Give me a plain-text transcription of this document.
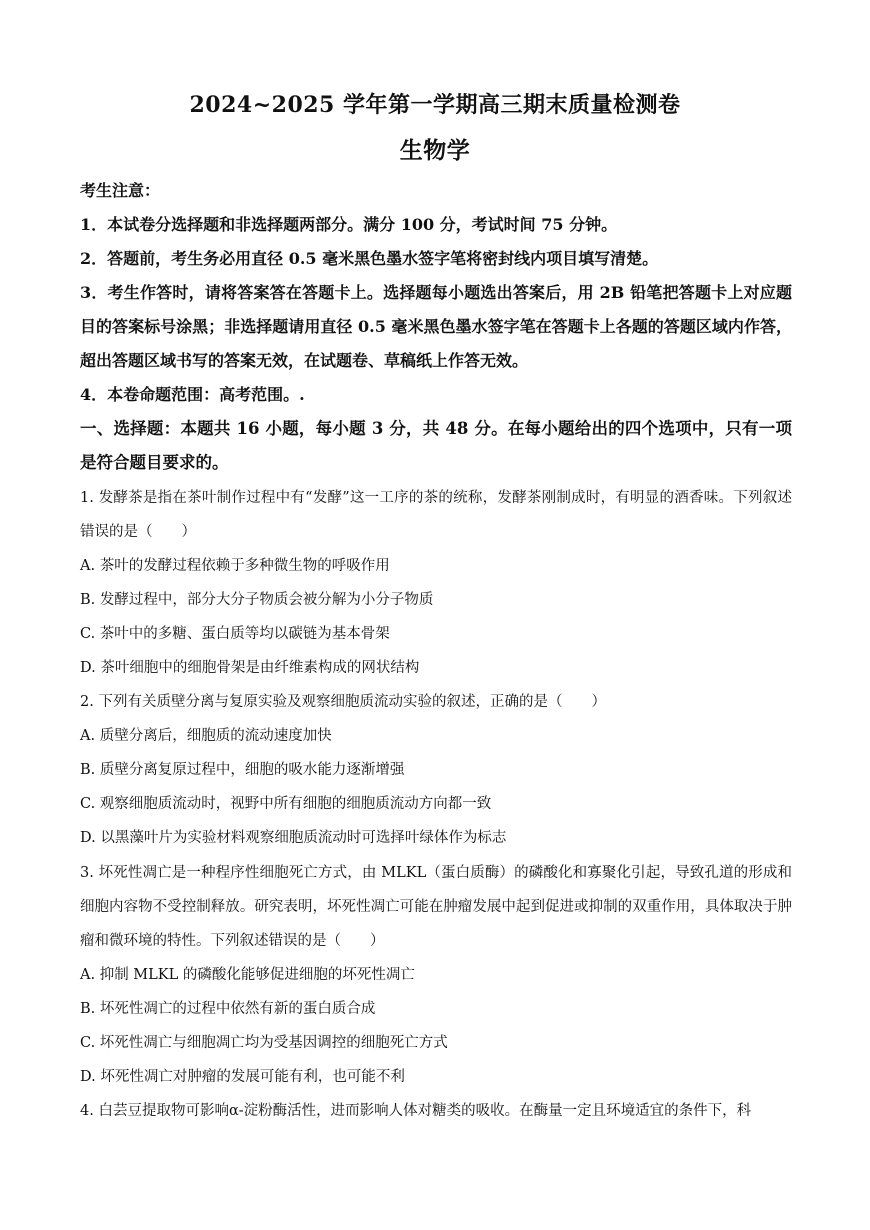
2024~2025 学年第一学期高三期末质量检测卷
生物学

考生注意：

1．本试卷分选择题和非选择题两部分。满分 100 分，考试时间 75 分钟。

2．答题前，考生务必用直径 0.5 毫米黑色墨水签字笔将密封线内项目填写清楚。

3．考生作答时，请将答案答在答题卡上。选择题每小题选出答案后，用 2B 铅笔把答题卡上对应题目的答案标号涂黑；非选择题请用直径 0.5 毫米黑色墨水签字笔在答题卡上各题的答题区域内作答，超出答题区域书写的答案无效，在试题卷、草稿纸上作答无效。

4．本卷命题范围：高考范围。.

一、选择题：本题共 16 小题，每小题 3 分，共 48 分。在每小题给出的四个选项中，只有一项是符合题目要求的。

1. 发酵茶是指在茶叶制作过程中有“发酵”这一工序的茶的统称，发酵茶刚制成时，有明显的酒香味。下列叙述错误的是（　　）

A. 茶叶的发酵过程依赖于多种微生物的呼吸作用
B. 发酵过程中，部分大分子物质会被分解为小分子物质
C. 茶叶中的多糖、蛋白质等均以碳链为基本骨架
D. 茶叶细胞中的细胞骨架是由纤维素构成的网状结构

2. 下列有关质壁分离与复原实验及观察细胞质流动实验的叙述，正确的是（　　）

A. 质壁分离后，细胞质的流动速度加快
B. 质壁分离复原过程中，细胞的吸水能力逐渐增强
C. 观察细胞质流动时，视野中所有细胞的细胞质流动方向都一致
D. 以黑藻叶片为实验材料观察细胞质流动时可选择叶绿体作为标志

3. 坏死性凋亡是一种程序性细胞死亡方式，由 MLKL（蛋白质酶）的磷酸化和寡聚化引起，导致孔道的形成和细胞内容物不受控制释放。研究表明，坏死性凋亡可能在肿瘤发展中起到促进或抑制的双重作用，具体取决于肿瘤和微环境的特性。下列叙述错误的是（　　）

A. 抑制 MLKL 的磷酸化能够促进细胞的坏死性凋亡
B. 坏死性凋亡的过程中依然有新的蛋白质合成
C. 坏死性凋亡与细胞凋亡均为受基因调控的细胞死亡方式
D. 坏死性凋亡对肿瘤的发展可能有利，也可能不利

4. 白芸豆提取物可影响α-淀粉酶活性，进而影响人体对糖类的吸收。在酶量一定且环境适宜的条件下，科
